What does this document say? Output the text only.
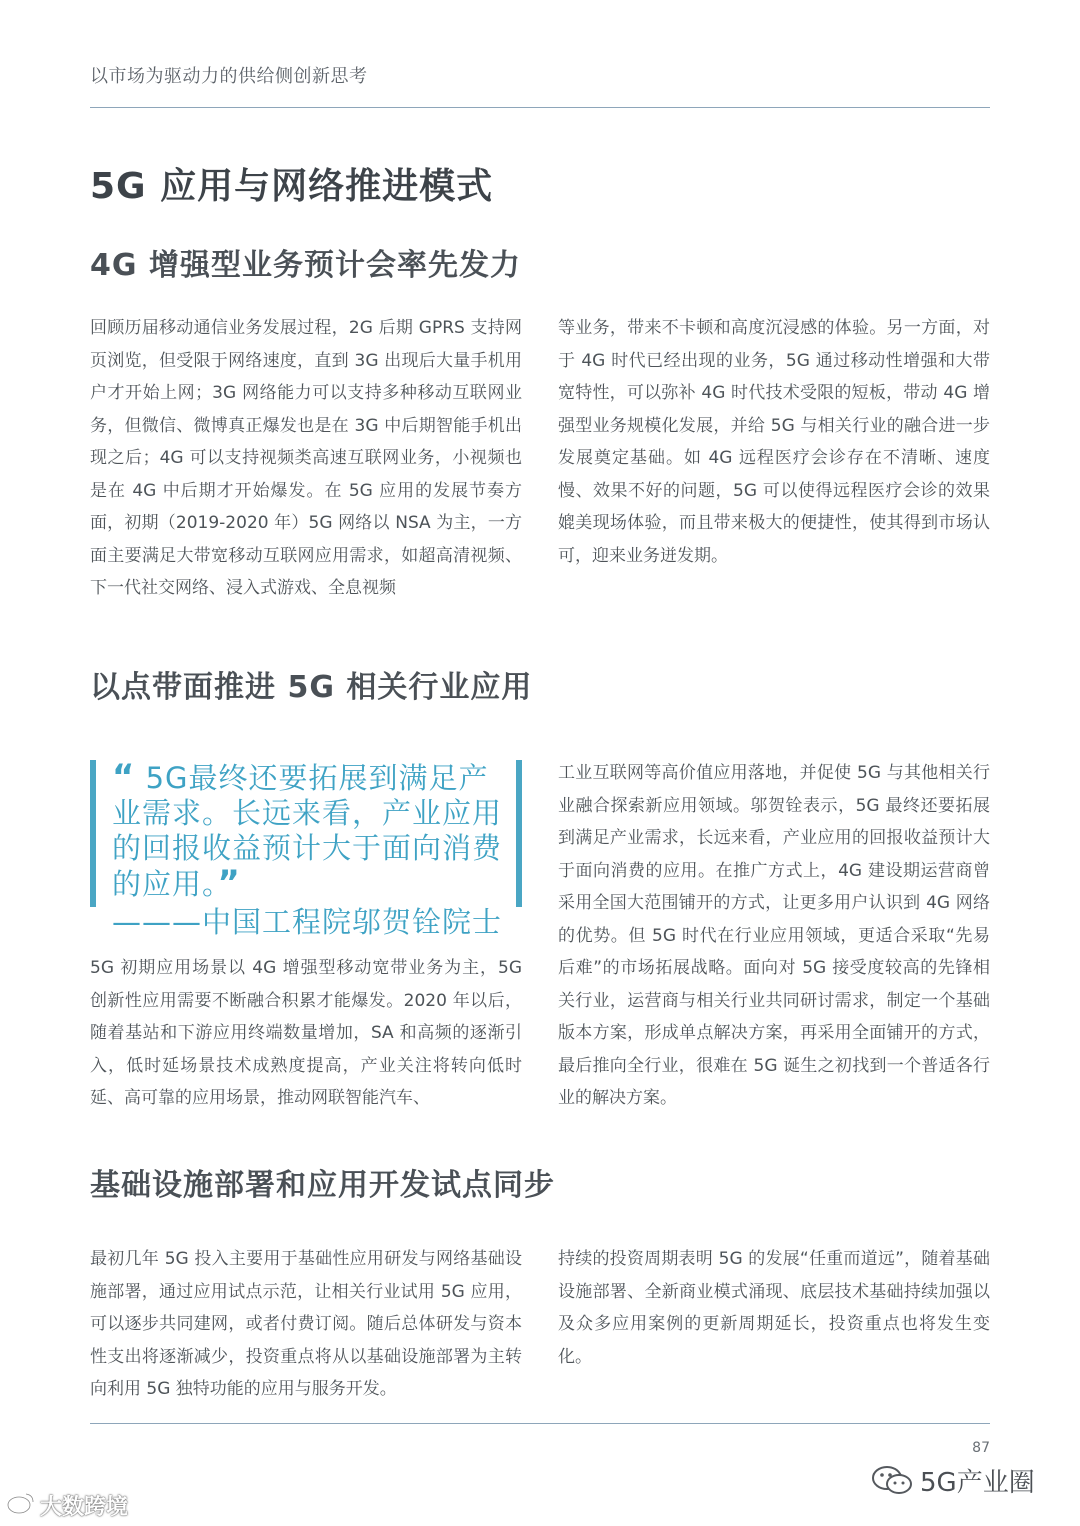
以市场为驱动力的供给侧创新思考
5G 应用与网络推进模式
4G 增强型业务预计会率先发力

回顾历届移动通信业务发展过程，2G 后期 GPRS 支持网页浏览，但受限于网络速度，直到 3G 出现后大量手机用户才开始上网；3G 网络能力可以支持多种移动互联网业务，但微信、微博真正爆发也是在 3G 中后期智能手机出现之后；4G 可以支持视频类高速互联网业务，小视频也是在 4G 中后期才开始爆发。在 5G 应用的发展节奏方面，初期（2019-2020 年）5G 网络以 NSA 为主，一方面主要满足大带宽移动互联网应用需求，如超高清视频、下一代社交网络、浸入式游戏、全息视频

等业务，带来不卡顿和高度沉浸感的体验。另一方面，对于 4G 时代已经出现的业务，5G 通过移动性增强和大带宽特性，可以弥补 4G 时代技术受限的短板，带动 4G 增强型业务规模化发展，并给 5G 与相关行业的融合进一步发展奠定基础。如 4G 远程医疗会诊存在不清晰、速度慢、效果不好的问题，5G 可以使得远程医疗会诊的效果媲美现场体验，而且带来极大的便捷性，使其得到市场认可，迎来业务迸发期。

以点带面推进 5G 相关行业应用
“ 5G最终还要拓展到满足产业需求。长远来看，产业应用的回报收益预计大于面向消费的应用。”
———中国工程院邬贺铨院士

5G 初期应用场景以 4G 增强型移动宽带业务为主，5G 创新性应用需要不断融合积累才能爆发。2020 年以后，随着基站和下游应用终端数量增加，SA 和高频的逐渐引入，低时延场景技术成熟度提高，产业关注将转向低时延、高可靠的应用场景，推动网联智能汽车、

工业互联网等高价值应用落地，并促使 5G 与其他相关行业融合探索新应用领域。邬贺铨表示，5G 最终还要拓展到满足产业需求，长远来看，产业应用的回报收益预计大于面向消费的应用。在推广方式上，4G 建设期运营商曾采用全国大范围铺开的方式，让更多用户认识到 4G 网络的优势。但 5G 时代在行业应用领域，更适合采取“先易后难”的市场拓展战略。面向对 5G 接受度较高的先锋相关行业，运营商与相关行业共同研讨需求，制定一个基础版本方案，形成单点解决方案，再采用全面铺开的方式，最后推向全行业，很难在 5G 诞生之初找到一个普适各行业的解决方案。

基础设施部署和应用开发试点同步

最初几年 5G 投入主要用于基础性应用研发与网络基础设施部署，通过应用试点示范，让相关行业试用 5G 应用，可以逐步共同建网，或者付费订阅。随后总体研发与资本性支出将逐渐减少，投资重点将从以基础设施部署为主转向利用 5G 独特功能的应用与服务开发。

持续的投资周期表明 5G 的发展“任重而道远”，随着基础设施部署、全新商业模式涌现、底层技术基础持续加强以及众多应用案例的更新周期延长，投资重点也将发生变化。

87
5G产业圈
大数跨境
